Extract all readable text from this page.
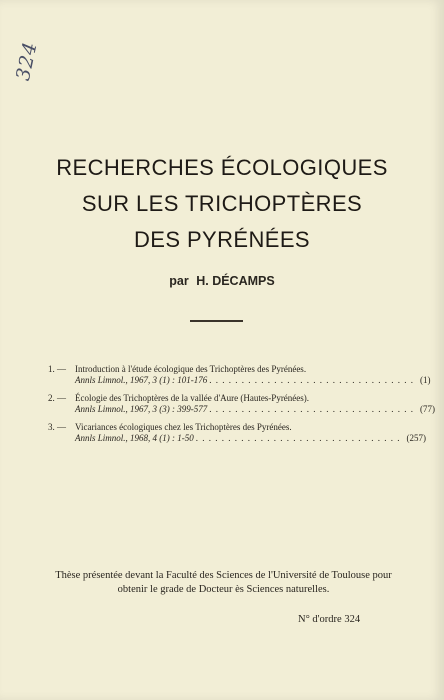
324
RECHERCHES ÉCOLOGIQUES
SUR LES TRICHOPTÈRES
DES PYRÉNÉES
par H. DÉCAMPS
1. — Introduction à l'étude écologique des Trichoptères des Pyrénées.
Annls Limnol., 1967, 3 (1) : 101-176 . . . . . . . . . . . . . . . . . . . . . . . . . . . . . . . . (1)
2. — Écologie des Trichoptères de la vallée d'Aure (Hautes-Pyrénées).
Annls Limnol., 1967, 3 (3) : 399-577 . . . . . . . . . . . . . . . . . . . . . . . . . . . . . . . . (77)
3. — Vicariances écologiques chez les Trichoptères des Pyrénées.
Annls Limnol., 1968, 4 (1) : 1-50 . . . . . . . . . . . . . . . . . . . . . . . . . . . . . . . . (257)
Thèse présentée devant la Faculté des Sciences de l'Université de Toulouse pour obtenir le grade de Docteur ès Sciences naturelles.
N° d'ordre 324
